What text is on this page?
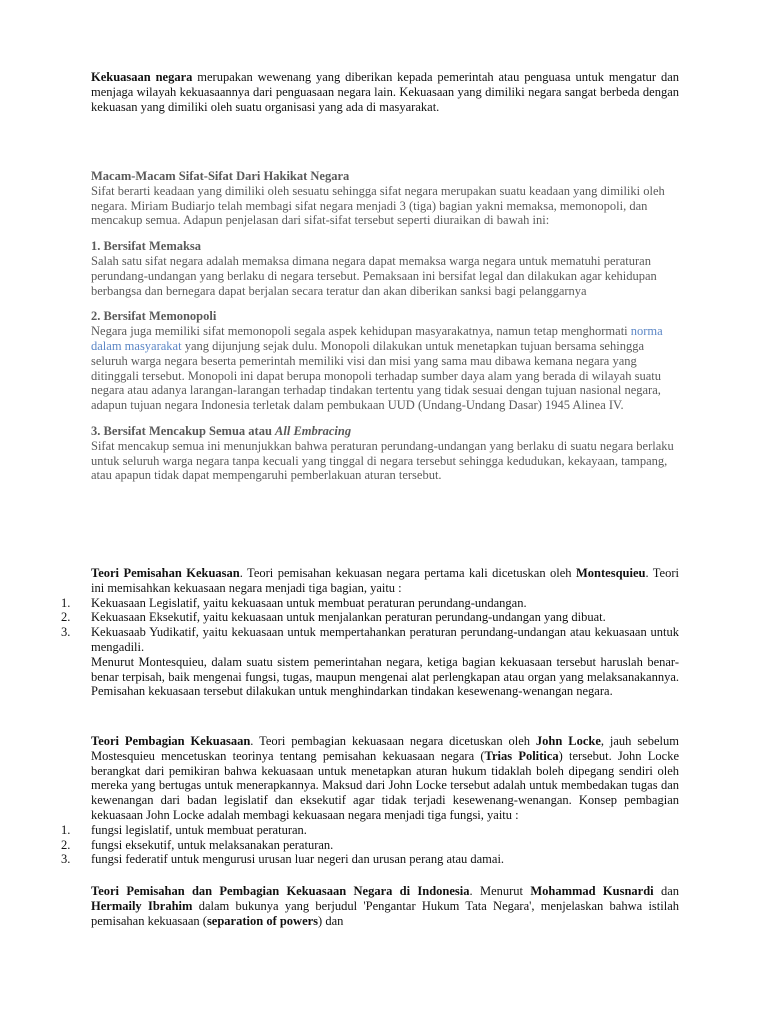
Kekuasaan negara merupakan wewenang yang diberikan kepada pemerintah atau penguasa untuk mengatur dan menjaga wilayah kekuasaannya dari penguasaan negara lain. Kekuasaan yang dimiliki negara sangat berbeda dengan kekuasan yang dimiliki oleh suatu organisasi yang ada di masyarakat.

Macam-Macam Sifat-Sifat Dari Hakikat Negara

Sifat berarti keadaan yang dimiliki oleh sesuatu sehingga sifat negara merupakan suatu keadaan yang dimiliki oleh negara. Miriam Budiarjo telah membagi sifat negara menjadi 3 (tiga) bagian yakni memaksa, memonopoli, dan mencakup semua. Adapun penjelasan dari sifat-sifat tersebut seperti diuraikan di bawah ini:

1. Bersifat Memaksa

Salah satu sifat negara adalah memaksa dimana negara dapat memaksa warga negara untuk mematuhi peraturan perundang-undangan yang berlaku di negara tersebut. Pemaksaan ini bersifat legal dan dilakukan agar kehidupan berbangsa dan bernegara dapat berjalan secara teratur dan akan diberikan sanksi bagi pelanggarnya

2. Bersifat Memonopoli

Negara juga memiliki sifat memonopoli segala aspek kehidupan masyarakatnya, namun tetap menghormati norma dalam masyarakat yang dijunjung sejak dulu. Monopoli dilakukan untuk menetapkan tujuan bersama sehingga seluruh warga negara beserta pemerintah memiliki visi dan misi yang sama mau dibawa kemana negara yang ditinggali tersebut. Monopoli ini dapat berupa monopoli terhadap sumber daya alam yang berada di wilayah suatu negara atau adanya larangan-larangan terhadap tindakan tertentu yang tidak sesuai dengan tujuan nasional negara, adapun tujuan negara Indonesia terletak dalam pembukaan UUD (Undang-Undang Dasar) 1945 Alinea IV.

3. Bersifat Mencakup Semua atau All Embracing

Sifat mencakup semua ini menunjukkan bahwa peraturan perundang-undangan yang berlaku di suatu negara berlaku untuk seluruh warga negara tanpa kecuali yang tinggal di negara tersebut sehingga kedudukan, kekayaan, tampang, atau apapun tidak dapat mempengaruhi pemberlakuan aturan tersebut.

Teori Pemisahan Kekuasan. Teori pemisahan kekuasan negara pertama kali dicetuskan oleh Montesquieu. Teori ini memisahkan kekuasaan negara menjadi tiga bagian, yaitu :

1.	Kekuasaan Legislatif, yaitu kekuasaan untuk membuat peraturan perundang-undangan.
2.	Kekuasaan Eksekutif, yaitu kekuasaan untuk menjalankan peraturan perundang-undangan yang dibuat.
3.	Kekuasaab Yudikatif, yaitu kekuasaan untuk mempertahankan peraturan perundang-undangan atau kekuasaan untuk mengadili.

Menurut Montesquieu, dalam suatu sistem pemerintahan negara, ketiga bagian kekuasaan tersebut haruslah benar-benar terpisah, baik mengenai fungsi, tugas, maupun mengenai alat perlengkapan atau organ yang melaksanakannya. Pemisahan kekuasaan tersebut dilakukan untuk menghindarkan tindakan kesewenang-wenangan negara.

Teori Pembagian Kekuasaan. Teori pembagian kekuasaan negara dicetuskan oleh John Locke, jauh sebelum Mostesquieu mencetuskan teorinya tentang pemisahan kekuasaan negara (Trias Politica) tersebut. John Locke berangkat dari pemikiran bahwa kekuasaan untuk menetapkan aturan hukum tidaklah boleh dipegang sendiri oleh mereka yang bertugas untuk menerapkannya. Maksud dari John Locke tersebut adalah untuk membedakan tugas dan kewenangan dari badan legislatif dan eksekutif agar tidak terjadi kesewenang-wenangan. Konsep pembagian kekuasaan John Locke adalah membagi kekuasaan negara menjadi tiga fungsi, yaitu :

1.	fungsi legislatif, untuk membuat peraturan.
2.	fungsi eksekutif, untuk melaksanakan peraturan.
3.	fungsi federatif untuk mengurusi urusan luar negeri dan urusan perang atau damai.

Teori Pemisahan dan Pembagian Kekuasaan Negara di Indonesia. Menurut Mohammad Kusnardi dan Hermaily Ibrahim dalam bukunya yang berjudul 'Pengantar Hukum Tata Negara', menjelaskan bahwa istilah pemisahan kekuasaan (separation of powers) dan
